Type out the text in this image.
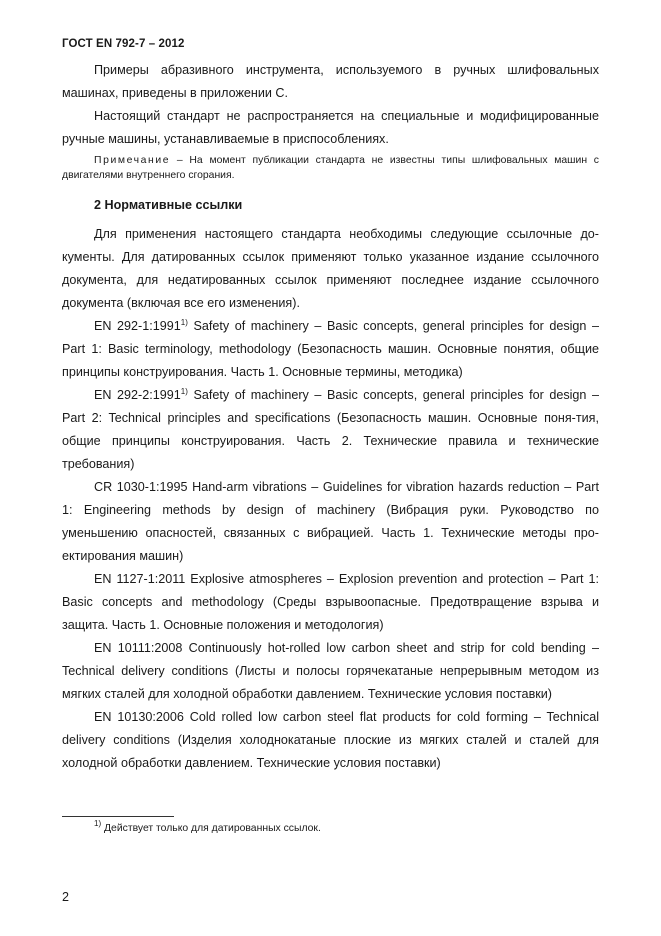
ГОСТ EN 792-7 – 2012

Примеры абразивного инструмента, используемого в ручных шлифовальных машинах, приведены в приложении С.

Настоящий стандарт не распространяется на специальные и модифицированные ручные машины, устанавливаемые в приспособлениях.

Примечание – На момент публикации стандарта не известны типы шлифовальных машин с двигателями внутреннего сгорания.

2 Нормативные ссылки

Для применения настоящего стандарта необходимы следующие ссылочные до-кументы. Для датированных ссылок применяют только указанное издание ссылочного документа, для недатированных ссылок применяют последнее издание ссылочного документа (включая все его изменения).

EN 292-1:1991$^{1)}$ Safety of machinery – Basic concepts, general principles for design – Part 1: Basic terminology, methodology (Безопасность машин. Основные понятия, общие принципы конструирования. Часть 1. Основные термины, методика)

EN 292-2:1991$^{1)}$ Safety of machinery – Basic concepts, general principles for design – Part 2: Technical principles and specifications (Безопасность машин. Основные поня-тия, общие принципы конструирования. Часть 2. Технические правила и технические требования)

CR 1030-1:1995 Hand-arm vibrations – Guidelines for vibration hazards reduction – Part 1: Engineering methods by design of machinery (Вибрация руки. Руководство по уменьшению опасностей, связанных с вибрацией. Часть 1. Технические методы про-ектирования машин)

EN 1127-1:2011 Explosive atmospheres – Explosion prevention and protection – Part 1: Basic concepts and methodology (Среды взрывоопасные. Предотвращение взрыва и защита. Часть 1. Основные положения и методология)

EN 10111:2008 Continuously hot-rolled low carbon sheet and strip for cold bending – Technical delivery conditions (Листы и полосы горячекатаные непрерывным методом из мягких сталей для холодной обработки давлением. Технические условия поставки)

EN 10130:2006 Cold rolled low carbon steel flat products for cold forming – Technical delivery conditions (Изделия холоднокатаные плоские из мягких сталей и сталей для холодной обработки давлением. Технические условия поставки)

$^{1)}$ Действует только для датированных ссылок.
2
